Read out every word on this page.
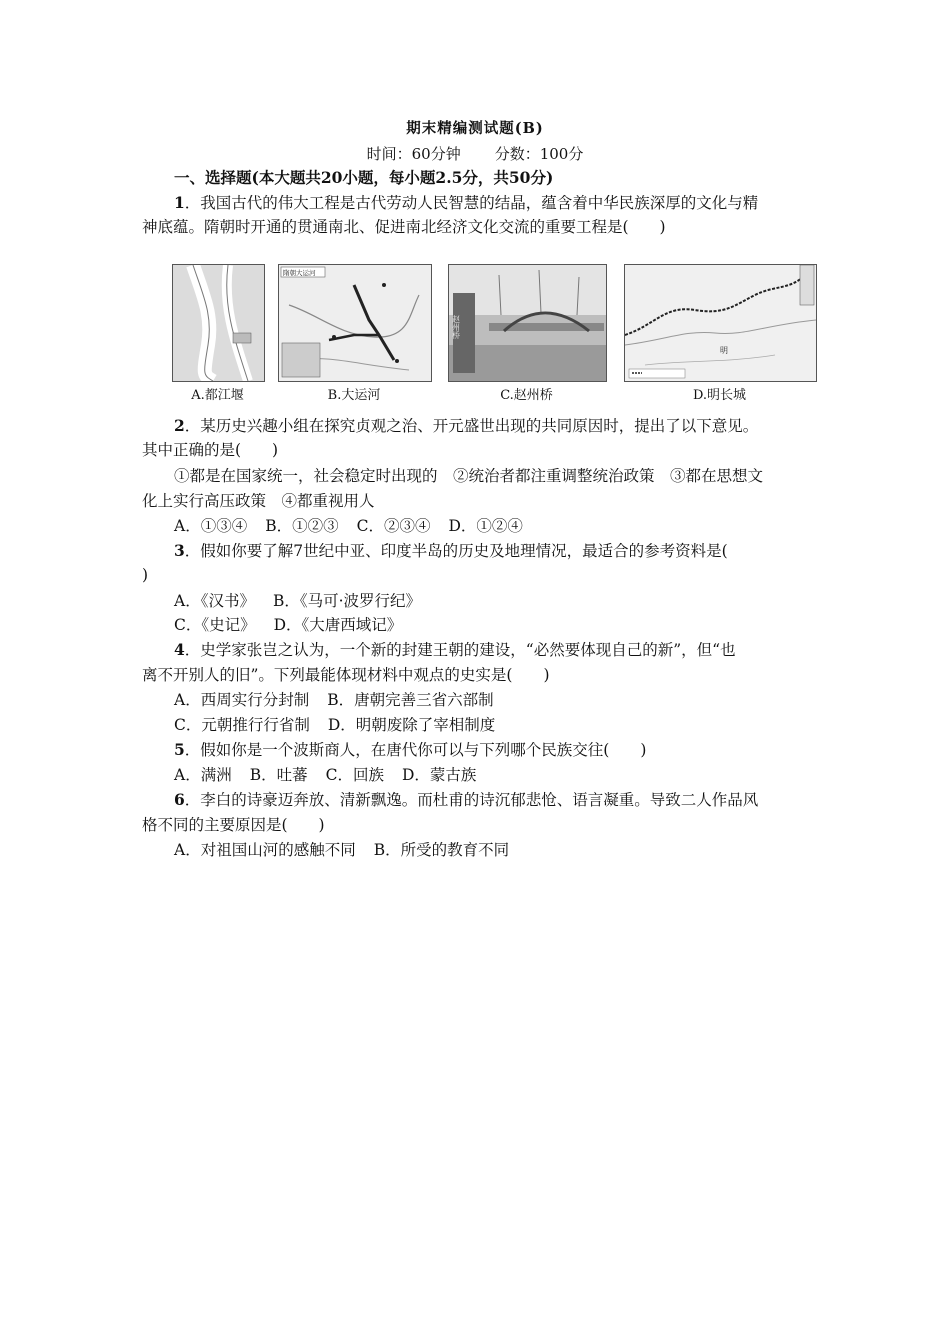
期末精编测试题(B)
时间：60分钟 分数：100分
一、选择题(本大题共20小题，每小题2.5分，共50分)
1．我国古代的伟大工程是古代劳动人民智慧的结晶，蕴含着中华民族深厚的文化与精
神底蕴。隋朝时开通的贯通南北、促进南北经济文化交流的重要工程是(　　)
A.都江堰
隋朝大运河
B.大运河
赵州桥
C.赵州桥
明
D.明长城
2．某历史兴趣小组在探究贞观之治、开元盛世出现的共同原因时，提出了以下意见。
其中正确的是(　　)
①都是在国家统一，社会稳定时出现的　②统治者都注重调整统治政策　③都在思想文
化上实行高压政策　④都重视用人
A．①③④ B．①②③ C．②③④ D．①②④
3．假如你要了解7世纪中亚、印度半岛的历史及地理情况，最适合的参考资料是(
)
A．《汉书》 B．《马可·波罗行纪》
C．《史记》 D．《大唐西域记》
4．史学家张岂之认为，一个新的封建王朝的建设，“必然要体现自己的新”，但“也
离不开别人的旧”。下列最能体现材料中观点的史实是(　　)
A．西周实行分封制 B．唐朝完善三省六部制
C．元朝推行行省制 D．明朝废除了宰相制度
5．假如你是一个波斯商人，在唐代你可以与下列哪个民族交往(　　)
A．满洲 B．吐蕃 C．回族 D．蒙古族
6．李白的诗豪迈奔放、清新飘逸。而杜甫的诗沉郁悲怆、语言凝重。导致二人作品风
格不同的主要原因是(　　)
A．对祖国山河的感触不同 B．所受的教育不同
